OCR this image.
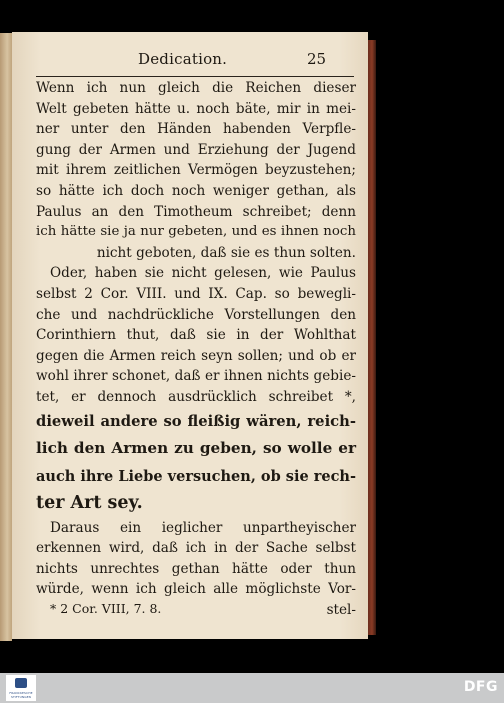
Dedication.	25
Wenn ich nun gleich die Reichen dieser
Welt gebeten hätte u. noch bäte, mir in mei-
ner unter den Händen habenden Verpfle-
gung der Armen und Erziehung der Jugend
mit ihrem zeitlichen Vermögen beyzustehen;
so hätte ich doch noch weniger gethan, als
Paulus an den Timotheum schreibet; denn
ich hätte sie ja nur gebeten, und es ihnen noch
nicht geboten, daß sie es thun solten.
Oder, haben sie nicht gelesen, wie Paulus
selbst 2 Cor. VIII. und IX. Cap. so bewegli-
che und nachdrückliche Vorstellungen den
Corinthiern thut, daß sie in der Wohlthat
gegen die Armen reich seyn sollen; und ob er
wohl ihrer schonet, daß er ihnen nichts gebie-
tet, er dennoch ausdrücklich schreibet *,
dieweil andere so fleißig wären, reich-
lich den Armen zu geben, so wolle er
auch ihre Liebe versuchen, ob sie rech-
ter Art sey.
Daraus ein ieglicher unpartheyischer
erkennen wird, daß ich in der Sache selbst
nichts unrechtes gethan hätte oder thun
würde, wenn ich gleich alle möglichste Vor-
stel-
* 2 Cor. VIII, 7. 8.
FRANCKESCHE STIFTUNGEN
DFG
